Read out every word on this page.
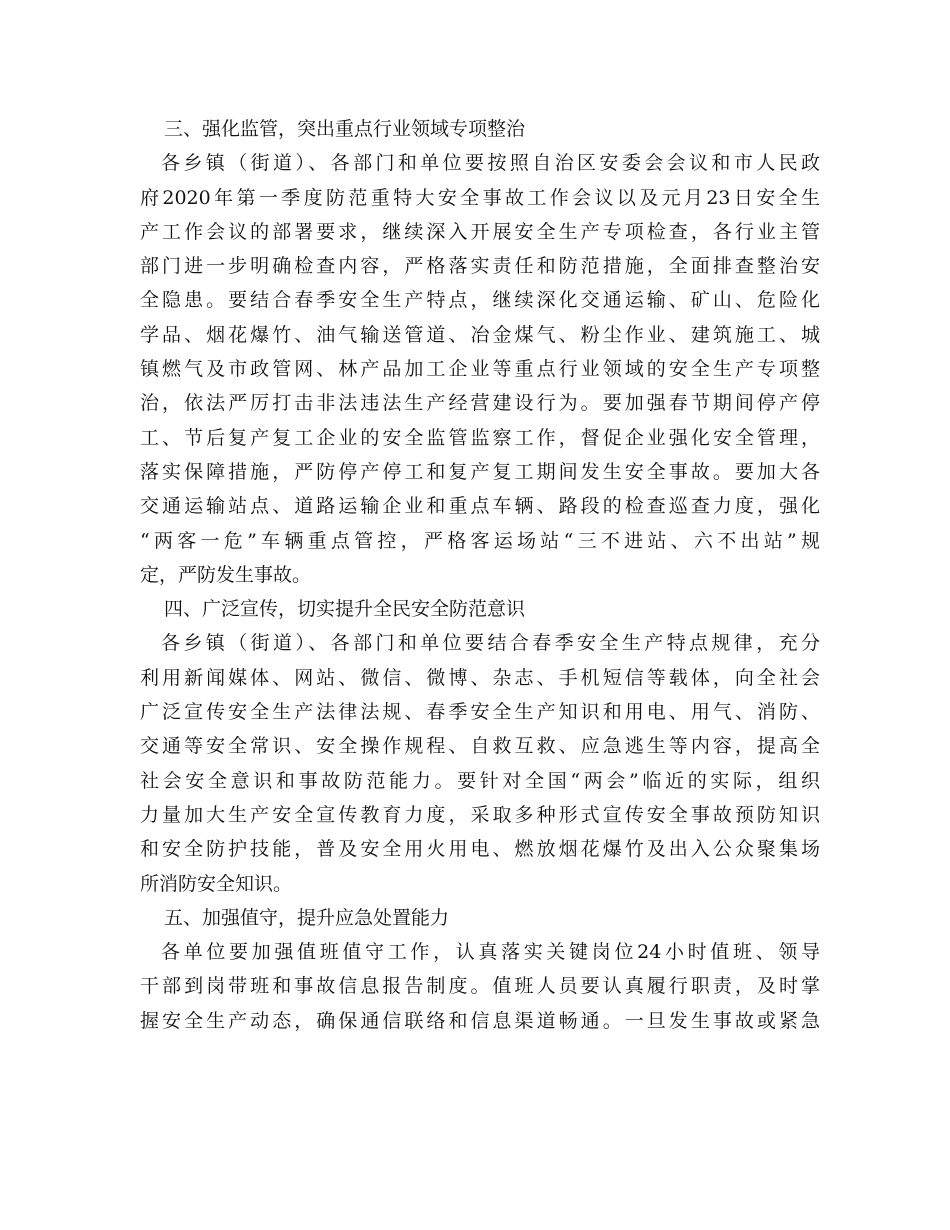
三、强化监管，突出重点行业领域专项整治
各乡镇（街道）、各部门和单位要按照自治区安委会会议和市人民政
府2020年第一季度防范重特大安全事故工作会议以及元月23日安全生
产工作会议的部署要求，继续深入开展安全生产专项检查，各行业主管
部门进一步明确检查内容，严格落实责任和防范措施，全面排查整治安
全隐患。要结合春季安全生产特点，继续深化交通运输、矿山、危险化
学品、烟花爆竹、油气输送管道、冶金煤气、粉尘作业、建筑施工、城
镇燃气及市政管网、林产品加工企业等重点行业领域的安全生产专项整
治，依法严厉打击非法违法生产经营建设行为。要加强春节期间停产停
工、节后复产复工企业的安全监管监察工作，督促企业强化安全管理，
落实保障措施，严防停产停工和复产复工期间发生安全事故。要加大各
交通运输站点、道路运输企业和重点车辆、路段的检查巡查力度，强化
“两客一危”车辆重点管控，严格客运场站“三不进站、六不出站”规
定，严防发生事故。
四、广泛宣传，切实提升全民安全防范意识
各乡镇（街道）、各部门和单位要结合春季安全生产特点规律，充分
利用新闻媒体、网站、微信、微博、杂志、手机短信等载体，向全社会
广泛宣传安全生产法律法规、春季安全生产知识和用电、用气、消防、
交通等安全常识、安全操作规程、自救互救、应急逃生等内容，提高全
社会安全意识和事故防范能力。要针对全国“两会”临近的实际，组织
力量加大生产安全宣传教育力度，采取多种形式宣传安全事故预防知识
和安全防护技能，普及安全用火用电、燃放烟花爆竹及出入公众聚集场
所消防安全知识。
五、加强值守，提升应急处置能力
各单位要加强值班值守工作，认真落实关键岗位24小时值班、领导
干部到岗带班和事故信息报告制度。值班人员要认真履行职责，及时掌
握安全生产动态，确保通信联络和信息渠道畅通。一旦发生事故或紧急
